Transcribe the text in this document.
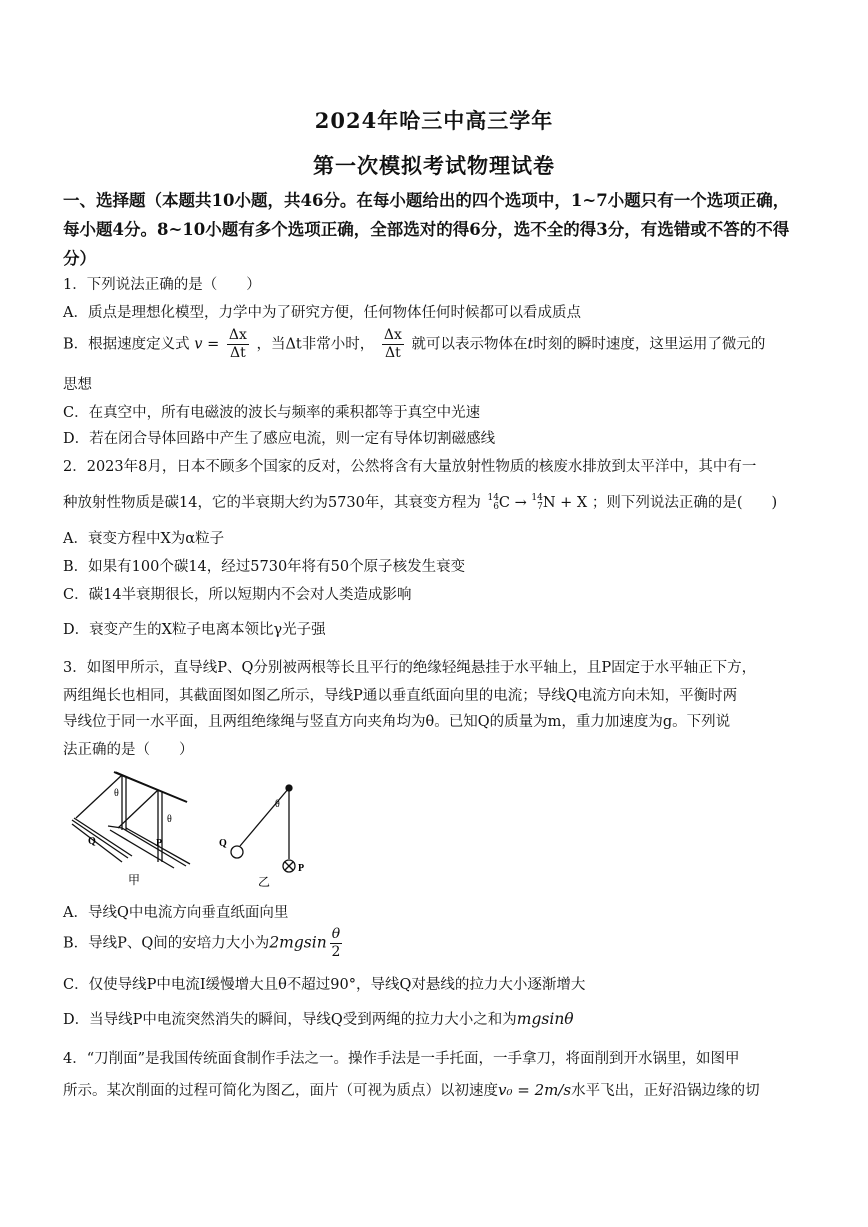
2024年哈三中高三学年
第一次模拟考试物理试卷
一、选择题（本题共10小题，共46分。在每小题给出的四个选项中，1~7小题只有一个选项正确，每小题4分。8~10小题有多个选项正确，全部选对的得6分，选不全的得3分，有选错或不答的不得分）
1．下列说法正确的是（　　）
A．质点是理想化模型，力学中为了研究方便，任何物体任何时候都可以看成质点
B．根据速度定义式 $v = \frac{\Delta x}{\Delta t}$ ，当Δt非常小时， $\frac{\Delta x}{\Delta t}$ 就可以表示物体在t时刻的瞬时速度，这里运用了微元的
思想
C．在真空中，所有电磁波的波长与频率的乘积都等于真空中光速
D．若在闭合导体回路中产生了感应电流，则一定有导体切割磁感线
2．2023年8月，日本不顾多个国家的反对，公然将含有大量放射性物质的核废水排放到太平洋中，其中有一
种放射性物质是碳14，它的半衰期大约为5730年，其衰变方程为 14
6 C → 14
7 N + X ；则下列说法正确的是(　　)
A．衰变方程中X为α粒子
B．如果有100个碳14，经过5730年将有50个原子核发生衰变
C．碳14半衰期很长，所以短期内不会对人类造成影响
D．衰变产生的X粒子电离本领比γ光子强
3．如图甲所示，直导线P、Q分别被两根等长且平行的绝缘轻绳悬挂于水平轴上，且P固定于水平轴正下方，
两组绳长也相同，其截面图如图乙所示，导线P通以垂直纸面向里的电流；导线Q电流方向未知，平衡时两
导线位于同一水平面，且两组绝缘绳与竖直方向夹角均为θ。已知Q的质量为m，重力加速度为g。下列说
法正确的是（　　）
θ
θ
Q	P
甲
θ
Q
P
乙
A．导线Q中电流方向垂直纸面向里
B．导线P、Q间的安培力大小为$2mgsin \frac{\theta}{2}$
C．仅使导线P中电流I缓慢增大且θ不超过90°，导线Q对悬线的拉力大小逐渐增大
D．当导线P中电流突然消失的瞬间，导线Q受到两绳的拉力大小之和为mgsinθ
4．“刀削面”是我国传统面食制作手法之一。操作手法是一手托面，一手拿刀，将面削到开水锅里，如图甲
所示。某次削面的过程可简化为图乙，面片（可视为质点）以初速度v₀ = 2m/s水平飞出，正好沿锅边缘的切
